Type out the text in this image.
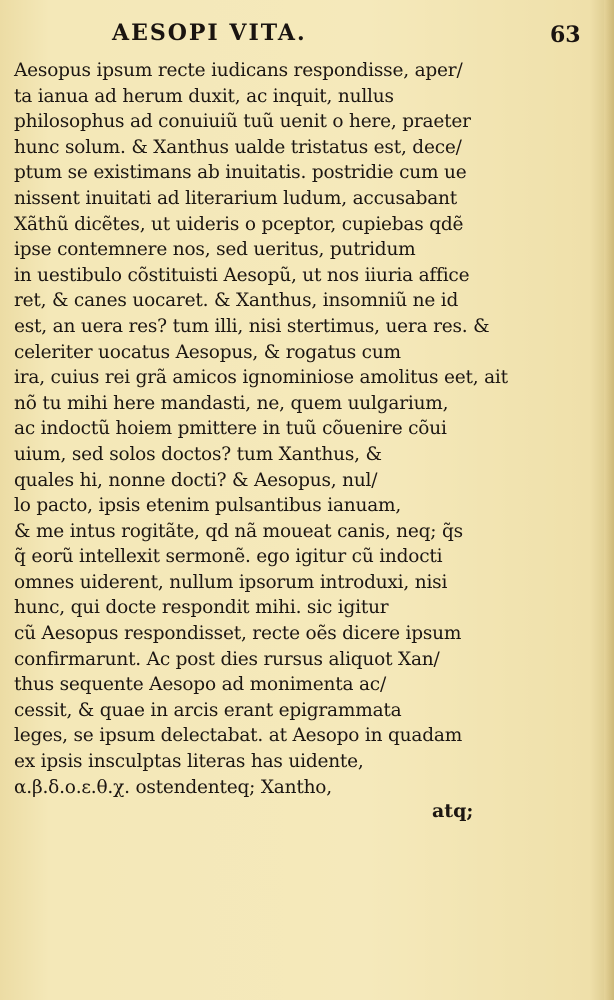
AESOPI VITA.	63
Aesopus ipsum recte iudicans respondisse, aper/
ta ianua ad herum duxit, ac inquit, nullus
philosophus ad conuiuiũ tuũ uenit o here, praeter
hunc solum. & Xanthus ualde tristatus est, dece/
ptum se existimans ab inuitatis. postridie cum ue
nissent inuitati ad literarium ludum, accusabant
Xãthũ dicẽtes, ut uideris o pceptor, cupiebas qdẽ
ipse contemnere nos, sed ueritus, putridum
in uestibulo cõstituisti Aesopũ, ut nos iiuria affice
ret, & canes uocaret. & Xanthus, insomniũ ne id
est, an uera res? tum illi, nisi stertimus, uera res. &
celeriter uocatus Aesopus, & rogatus cum
ira, cuius rei grã amicos ignominiose amolitus eet, ait
nõ tu mihi here mandasti, ne, quem uulgarium,
ac indoctũ hoiem pmittere in tuũ cõuenire cõui
uium, sed solos doctos? tum Xanthus, &
quales hi, nonne docti? & Aesopus, nul/
lo pacto, ipsis etenim pulsantibus ianuam,
& me intus rogitãte, qd nã moueat canis, neq; q̃s
q̃ eorũ intellexit sermonẽ. ego igitur cũ indocti
omnes uiderent, nullum ipsorum introduxi, nisi
hunc, qui docte respondit mihi. sic igitur
cũ Aesopus respondisset, recte oẽs dicere ipsum
confirmarunt. Ac post dies rursus aliquot Xan/
thus sequente Aesopo ad monimenta ac/
cessit, & quae in arcis erant epigrammata
leges, se ipsum delectabat. at Aesopo in quadam
ex ipsis insculptas literas has uidente,
α.β.δ.ο.ε.θ.χ. ostendenteq; Xantho,
atq;
